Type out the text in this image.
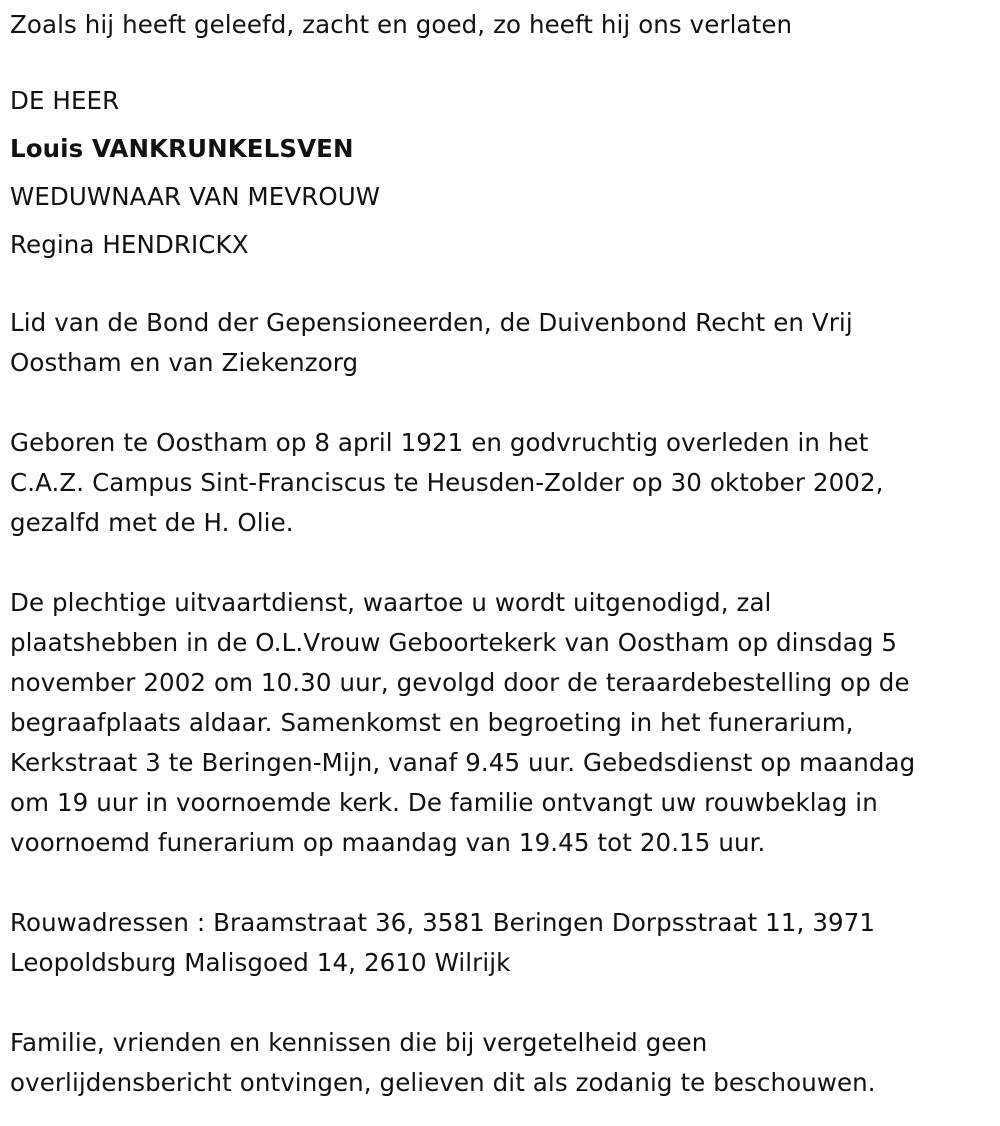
Zoals hij heeft geleefd, zacht en goed, zo heeft hij ons verlaten
DE HEER
Louis VANKRUNKELSVEN
WEDUWNAAR VAN MEVROUW
Regina HENDRICKX
Lid van de Bond der Gepensioneerden, de Duivenbond Recht en Vrij
Oostham en van Ziekenzorg
Geboren te Oostham op 8 april 1921 en godvruchtig overleden in het
C.A.Z. Campus Sint-Franciscus te Heusden-Zolder op 30 oktober 2002,
gezalfd met de H. Olie.
De plechtige uitvaartdienst, waartoe u wordt uitgenodigd, zal
plaatshebben in de O.L.Vrouw Geboortekerk van Oostham op dinsdag 5
november 2002 om 10.30 uur, gevolgd door de teraardebestelling op de
begraafplaats aldaar. Samenkomst en begroeting in het funerarium,
Kerkstraat 3 te Beringen-Mijn, vanaf 9.45 uur. Gebedsdienst op maandag
om 19 uur in voornoemde kerk. De familie ontvangt uw rouwbeklag in
voornoemd funerarium op maandag van 19.45 tot 20.15 uur.
Rouwadressen : Braamstraat 36, 3581 Beringen Dorpsstraat 11, 3971
Leopoldsburg Malisgoed 14, 2610 Wilrijk
Familie, vrienden en kennissen die bij vergetelheid geen
overlijdensbericht ontvingen, gelieven dit als zodanig te beschouwen.
